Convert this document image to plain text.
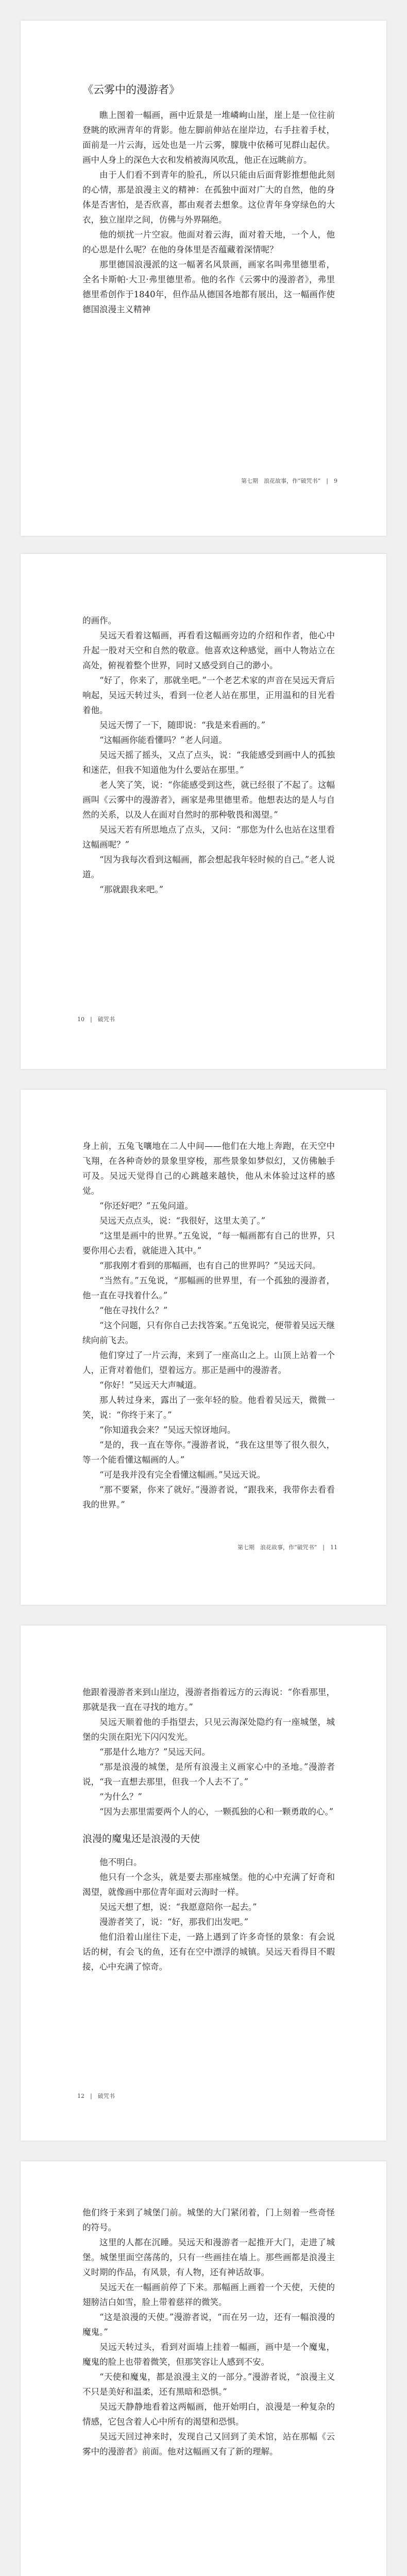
《云雾中的漫游者》

瞧上图着一幅画，画中近景是一堆嶙峋山崖，崖上是一位往前登眺的欧洲青年的背影。他左脚前伸站在崖岸边，右手拄着手杖，面前是一片云海，远处也是一片云雾，朦胧中依稀可见群山起伏。画中人身上的深色大衣和发梢被海风吹乱，他正在远眺前方。

由于人们看不到青年的脸孔，所以只能由后面背影推想他此刻的心情，那是浪漫主义的精神：在孤独中面对广大的自然，他的身体是否害怕，是否欣喜，都由观者去想象。这位青年身穿绿色的大衣，独立崖岸之间，仿佛与外界隔绝。

他的烦扰一片空寂。他面对着云海，面对着天地，一个人，他的心思是什么呢？在他的身体里是否蕴藏着深情呢？

那里德国浪漫派的这一幅著名风景画，画家名叫弗里德里希，全名卡斯帕·大卫·弗里德里希。他的名作《云雾中的漫游者》，弗里德里希创作于1840年，但作品从德国各地都有展出，这一幅画作使德国浪漫主义精神

第七期　浪花故事，作“破咒书”　|　9

的画作。

吴远天看着这幅画，再看看这幅画旁边的介绍和作者，他心中升起一股对天空和自然的敬意。他喜欢这种感觉，画中人物站立在高处，俯视着整个世界，同时又感受到自己的渺小。

“好了，你来了，那就坐吧。”一个老艺术家的声音在吴远天背后响起，吴远天转过头，看到一位老人站在那里，正用温和的目光看着他。

吴远天愣了一下，随即说：“我是来看画的。”

“这幅画你能看懂吗？”老人问道。

吴远天摇了摇头，又点了点头，说：“我能感受到画中人的孤独和迷茫，但我不知道他为什么要站在那里。”

老人笑了笑，说：“你能感受到这些，就已经很了不起了。这幅画叫《云雾中的漫游者》，画家是弗里德里希。他想表达的是人与自然的关系，以及人在面对自然时的那种敬畏和渴望。”

吴远天若有所思地点了点头，又问：“那您为什么也站在这里看这幅画呢？”

“因为我每次看到这幅画，都会想起我年轻时候的自己。”老人说道。

“那就跟我来吧。”

10　|　破咒书

身上前，五兔飞嚷地在二人中间——他们在大地上奔跑，在天空中飞翔，在各种奇妙的景象里穿梭，那些景象如梦似幻，又仿佛触手可及。吴远天觉得自己的心跳越来越快，他从未体验过这样的感觉。

“你还好吧？”五兔问道。

吴远天点点头，说：“我很好，这里太美了。”

“这里是画中的世界。”五兔说，“每一幅画都有自己的世界，只要你用心去看，就能进入其中。”

“那我刚才看到的那幅画，也有自己的世界吗？”吴远天问。

“当然有。”五兔说，“那幅画的世界里，有一个孤独的漫游者，他一直在寻找着什么。”

“他在寻找什么？”

“这个问题，只有你自己去找答案。”五兔说完，便带着吴远天继续向前飞去。

他们穿过了一片云海，来到了一座高山之上。山顶上站着一个人，正背对着他们，望着远方。那正是画中的漫游者。

“你好！”吴远天大声喊道。

那人转过身来，露出了一张年轻的脸。他看着吴远天，微微一笑，说：“你终于来了。”

“你知道我会来？”吴远天惊讶地问。

“是的，我一直在等你。”漫游者说，“我在这里等了很久很久，等一个能看懂这幅画的人。”

“可是我并没有完全看懂这幅画。”吴远天说。

“那不要紧，你来了就好。”漫游者说，“跟我来，我带你去看看我的世界。”

第七期　浪花故事，作“破咒书”　|　11

他跟着漫游者来到山崖边，漫游者指着远方的云海说：“你看那里，那就是我一直在寻找的地方。”

吴远天顺着他的手指望去，只见云海深处隐约有一座城堡，城堡的尖顶在阳光下闪闪发光。

“那是什么地方？”吴远天问。

“那是浪漫的城堡，是所有浪漫主义画家心中的圣地。”漫游者说，“我一直想去那里，但我一个人去不了。”

“为什么？”

“因为去那里需要两个人的心，一颗孤独的心和一颗勇敢的心。”

浪漫的魔鬼还是浪漫的天使

他不明白。

他只有一个念头，就是要去那座城堡。他的心中充满了好奇和渴望，就像画中那位青年面对云海时一样。

吴远天想了想，说：“我愿意陪你一起去。”

漫游者笑了，说：“好，那我们出发吧。”

他们沿着山崖往下走，一路上遇到了许多奇怪的景象：有会说话的树，有会飞的鱼，还有在空中漂浮的城镇。吴远天看得目不暇接，心中充满了惊奇。

12　|　破咒书

他们终于来到了城堡门前。城堡的大门紧闭着，门上刻着一些奇怪的符号。

这里的人都在沉睡。吴远天和漫游者一起推开大门，走进了城堡。城堡里面空荡荡的，只有一些画挂在墙上。那些画都是浪漫主义时期的作品，有风景，有人物，还有神话故事。

吴远天在一幅画前停了下来。那幅画上画着一个天使，天使的翅膀洁白如雪，脸上带着慈祥的微笑。

“这是浪漫的天使。”漫游者说，“而在另一边，还有一幅浪漫的魔鬼。”

吴远天转过头，看到对面墙上挂着一幅画，画中是一个魔鬼，魔鬼的脸上也带着微笑，但那笑容让人感到不安。

“天使和魔鬼，都是浪漫主义的一部分。”漫游者说，“浪漫主义不只是美好和温柔，还有黑暗和恐惧。”

吴远天静静地看着这两幅画，他开始明白，浪漫是一种复杂的情感，它包含着人心中所有的渴望和恐惧。

吴远天回过神来时，发现自己又回到了美术馆，站在那幅《云雾中的漫游者》前面。他对这幅画又有了新的理解。
